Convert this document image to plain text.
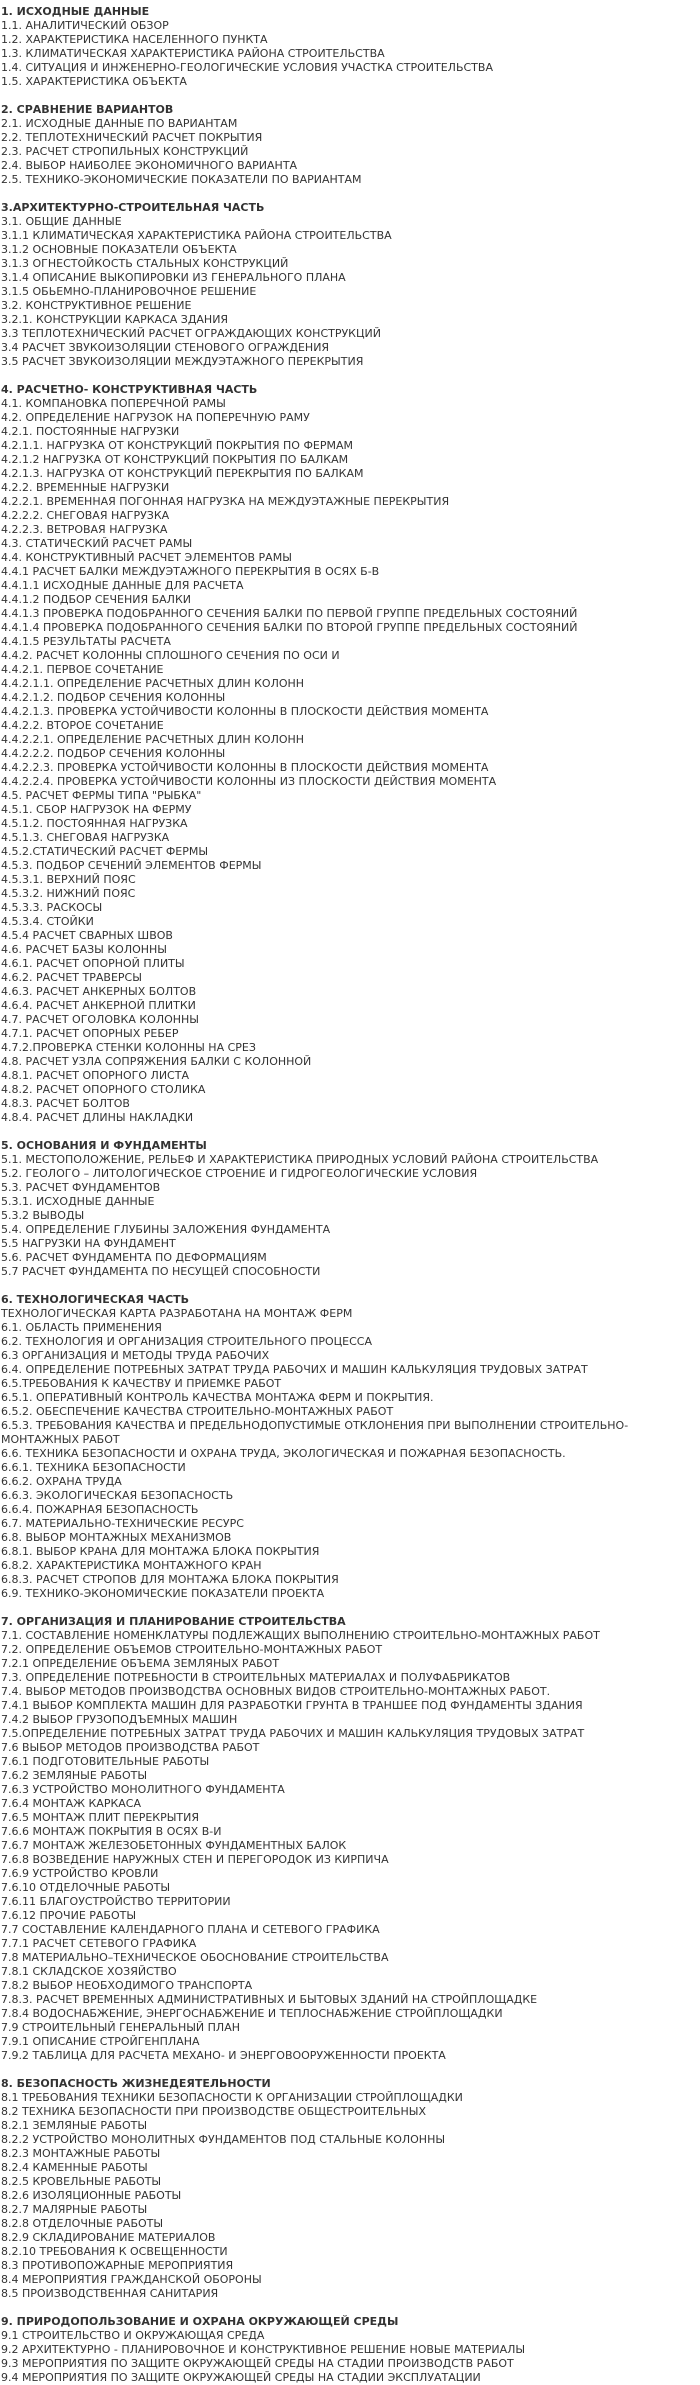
1. ИСХОДНЫЕ ДАННЫЕ
1.1. АНАЛИТИЧЕСКИЙ ОБЗОР
1.2. ХАРАКТЕРИСТИКА НАСЕЛЕННОГО ПУНКТА
1.3. КЛИМАТИЧЕСКАЯ ХАРАКТЕРИСТИКА РАЙОНА СТРОИТЕЛЬСТВА
1.4. СИТУАЦИЯ И ИНЖЕНЕРНО-ГЕОЛОГИЧЕСКИЕ УСЛОВИЯ УЧАСТКА СТРОИТЕЛЬСТВА
1.5. ХАРАКТЕРИСТИКА ОБЪЕКТА
2. СРАВНЕНИЕ ВАРИАНТОВ
2.1. ИСХОДНЫЕ ДАННЫЕ ПО ВАРИАНТАМ
2.2. ТЕПЛОТЕХНИЧЕСКИЙ РАСЧЕТ ПОКРЫТИЯ
2.3. РАСЧЕТ СТРОПИЛЬНЫХ КОНСТРУКЦИЙ
2.4. ВЫБОР НАИБОЛЕЕ ЭКОНОМИЧНОГО ВАРИАНТА
2.5. ТЕХНИКО-ЭКОНОМИЧЕСКИЕ ПОКАЗАТЕЛИ ПО ВАРИАНТАМ
3.АРХИТЕКТУРНО-СТРОИТЕЛЬНАЯ ЧАСТЬ
3.1. ОБЩИЕ ДАННЫЕ
3.1.1 КЛИМАТИЧЕСКАЯ ХАРАКТЕРИСТИКА РАЙОНА СТРОИТЕЛЬСТВА
3.1.2 ОСНОВНЫЕ ПОКАЗАТЕЛИ ОБЪЕКТА
3.1.3 ОГНЕСТОЙКОСТЬ СТАЛЬНЫХ КОНСТРУКЦИЙ
3.1.4 ОПИСАНИЕ ВЫКОПИРОВКИ ИЗ ГЕНЕРАЛЬНОГО ПЛАНА
3.1.5 ОБЬЕМНО-ПЛАНИРОВОЧНОЕ РЕШЕНИЕ
3.2. КОНСТРУКТИВНОЕ РЕШЕНИЕ
3.2.1. КОНСТРУКЦИИ КАРКАСА ЗДАНИЯ
3.3 ТЕПЛОТЕХНИЧЕСКИЙ РАСЧЕТ ОГРАЖДАЮЩИХ КОНСТРУКЦИЙ
3.4 РАСЧЕТ ЗВУКОИЗОЛЯЦИИ СТЕНОВОГО ОГРАЖДЕНИЯ
3.5 РАСЧЕТ ЗВУКОИЗОЛЯЦИИ МЕЖДУЭТАЖНОГО ПЕРЕКРЫТИЯ
4. РАСЧЕТНО- КОНСТРУКТИВНАЯ ЧАСТЬ
4.1. КОМПАНОВКА ПОПЕРЕЧНОЙ РАМЫ
4.2. ОПРЕДЕЛЕНИЕ НАГРУЗОК НА ПОПЕРЕЧНУЮ РАМУ
4.2.1. ПОСТОЯННЫЕ НАГРУЗКИ
4.2.1.1. НАГРУЗКА ОТ КОНСТРУКЦИЙ ПОКРЫТИЯ ПО ФЕРМАМ
4.2.1.2 НАГРУЗКА ОТ КОНСТРУКЦИЙ ПОКРЫТИЯ ПО БАЛКАМ
4.2.1.3. НАГРУЗКА ОТ КОНСТРУКЦИЙ ПЕРЕКРЫТИЯ ПО БАЛКАМ
4.2.2. ВРЕМЕННЫЕ НАГРУЗКИ
4.2.2.1. ВРЕМЕННАЯ ПОГОННАЯ НАГРУЗКА НА МЕЖДУЭТАЖНЫЕ ПЕРЕКРЫТИЯ
4.2.2.2. СНЕГОВАЯ НАГРУЗКА
4.2.2.3. ВЕТРОВАЯ НАГРУЗКА
4.3. СТАТИЧЕСКИЙ РАСЧЕТ РАМЫ
4.4. КОНСТРУКТИВНЫЙ РАСЧЕТ ЭЛЕМЕНТОВ РАМЫ
4.4.1 РАСЧЕТ БАЛКИ МЕЖДУЭТАЖНОГО ПЕРЕКРЫТИЯ В ОСЯХ Б-В
4.4.1.1 ИСХОДНЫЕ ДАННЫЕ ДЛЯ РАСЧЕТА
4.4.1.2 ПОДБОР СЕЧЕНИЯ БАЛКИ
4.4.1.3 ПРОВЕРКА ПОДОБРАННОГО СЕЧЕНИЯ БАЛКИ ПО ПЕРВОЙ ГРУППЕ ПРЕДЕЛЬНЫХ СОСТОЯНИЙ
4.4.1.4 ПРОВЕРКА ПОДОБРАННОГО СЕЧЕНИЯ БАЛКИ ПО ВТОРОЙ ГРУППЕ ПРЕДЕЛЬНЫХ СОСТОЯНИЙ
4.4.1.5 РЕЗУЛЬТАТЫ РАСЧЕТА
4.4.2. РАСЧЕТ КОЛОННЫ СПЛОШНОГО СЕЧЕНИЯ ПО ОСИ И
4.4.2.1. ПЕРВОЕ СОЧЕТАНИЕ
4.4.2.1.1. ОПРЕДЕЛЕНИЕ РАСЧЕТНЫХ ДЛИН КОЛОНН
4.4.2.1.2. ПОДБОР СЕЧЕНИЯ КОЛОННЫ
4.4.2.1.3. ПРОВЕРКА УСТОЙЧИВОСТИ КОЛОННЫ В ПЛОСКОСТИ ДЕЙСТВИЯ МОМЕНТА
4.4.2.2. ВТОРОЕ СОЧЕТАНИЕ
4.4.2.2.1. ОПРЕДЕЛЕНИЕ РАСЧЕТНЫХ ДЛИН КОЛОНН
4.4.2.2.2. ПОДБОР СЕЧЕНИЯ КОЛОННЫ
4.4.2.2.3. ПРОВЕРКА УСТОЙЧИВОСТИ КОЛОННЫ В ПЛОСКОСТИ ДЕЙСТВИЯ МОМЕНТА
4.4.2.2.4. ПРОВЕРКА УСТОЙЧИВОСТИ КОЛОННЫ ИЗ ПЛОСКОСТИ ДЕЙСТВИЯ МОМЕНТА
4.5. РАСЧЕТ ФЕРМЫ ТИПА "РЫБКА"
4.5.1. СБОР НАГРУЗОК НА ФЕРМУ
4.5.1.2. ПОСТОЯННАЯ НАГРУЗКА
4.5.1.3. СНЕГОВАЯ НАГРУЗКА
4.5.2.СТАТИЧЕСКИЙ РАСЧЕТ ФЕРМЫ
4.5.3. ПОДБОР СЕЧЕНИЙ ЭЛЕМЕНТОВ ФЕРМЫ
4.5.3.1. ВЕРХНИЙ ПОЯС
4.5.3.2. НИЖНИЙ ПОЯС
4.5.3.3. РАСКОСЫ
4.5.3.4. СТОЙКИ
4.5.4 РАСЧЕТ СВАРНЫХ ШВОВ
4.6. РАСЧЕТ БАЗЫ КОЛОННЫ
4.6.1. РАСЧЕТ ОПОРНОЙ ПЛИТЫ
4.6.2. РАСЧЕТ ТРАВЕРСЫ
4.6.3. РАСЧЕТ АНКЕРНЫХ БОЛТОВ
4.6.4. РАСЧЕТ АНКЕРНОЙ ПЛИТКИ
4.7. РАСЧЕТ ОГОЛОВКА КОЛОННЫ
4.7.1. РАСЧЕТ ОПОРНЫХ РЕБЕР
4.7.2.ПРОВЕРКА СТЕНКИ КОЛОННЫ НА СРЕЗ
4.8. РАСЧЕТ УЗЛА СОПРЯЖЕНИЯ БАЛКИ С КОЛОННОЙ
4.8.1. РАСЧЕТ ОПОРНОГО ЛИСТА
4.8.2. РАСЧЕТ ОПОРНОГО СТОЛИКА
4.8.3. РАСЧЕТ БОЛТОВ
4.8.4. РАСЧЕТ ДЛИНЫ НАКЛАДКИ
5. ОСНОВАНИЯ И ФУНДАМЕНТЫ
5.1. МЕСТОПОЛОЖЕНИЕ, РЕЛЬЕФ И ХАРАКТЕРИСТИКА ПРИРОДНЫХ УСЛОВИЙ РАЙОНА СТРОИТЕЛЬСТВА
5.2. ГЕОЛОГО – ЛИТОЛОГИЧЕСКОЕ СТРОЕНИЕ И ГИДРОГЕОЛОГИЧЕСКИЕ УСЛОВИЯ
5.3. РАСЧЕТ ФУНДАМЕНТОВ
5.3.1. ИСХОДНЫЕ ДАННЫЕ
5.3.2 ВЫВОДЫ
5.4. ОПРЕДЕЛЕНИЕ ГЛУБИНЫ ЗАЛОЖЕНИЯ ФУНДАМЕНТА
5.5 НАГРУЗКИ НА ФУНДАМЕНТ
5.6. РАСЧЕТ ФУНДАМЕНТА ПО ДЕФОРМАЦИЯМ
5.7 РАСЧЕТ ФУНДАМЕНТА ПО НЕСУЩЕЙ СПОСОБНОСТИ
6. ТЕХНОЛОГИЧЕСКАЯ ЧАСТЬ
ТЕХНОЛОГИЧЕСКАЯ КАРТА РАЗРАБОТАНА НА МОНТАЖ ФЕРМ
6.1. ОБЛАСТЬ ПРИМЕНЕНИЯ
6.2. ТЕХНОЛОГИЯ И ОРГАНИЗАЦИЯ СТРОИТЕЛЬНОГО ПРОЦЕССА
6.3 ОРГАНИЗАЦИЯ И МЕТОДЫ ТРУДА РАБОЧИХ
6.4. ОПРЕДЕЛЕНИЕ ПОТРЕБНЫХ ЗАТРАТ ТРУДА РАБОЧИХ И МАШИН КАЛЬКУЛЯЦИЯ ТРУДОВЫХ ЗАТРАТ
6.5.ТРЕБОВАНИЯ К КАЧЕСТВУ И ПРИЕМКЕ РАБОТ
6.5.1. ОПЕРАТИВНЫЙ КОНТРОЛЬ КАЧЕСТВА МОНТАЖА ФЕРМ И ПОКРЫТИЯ.
6.5.2. ОБЕСПЕЧЕНИЕ КАЧЕСТВА СТРОИТЕЛЬНО-МОНТАЖНЫХ РАБОТ
6.5.3. ТРЕБОВАНИЯ КАЧЕСТВА И ПРЕДЕЛЬНОДОПУСТИМЫЕ ОТКЛОНЕНИЯ ПРИ ВЫПОЛНЕНИИ СТРОИТЕЛЬНО-МОНТАЖНЫХ РАБОТ
6.6. ТЕХНИКА БЕЗОПАСНОСТИ И ОХРАНА ТРУДА, ЭКОЛОГИЧЕСКАЯ И ПОЖАРНАЯ БЕЗОПАСНОСТЬ.
6.6.1. ТЕХНИКА БЕЗОПАСНОСТИ
6.6.2. ОХРАНА ТРУДА
6.6.3. ЭКОЛОГИЧЕСКАЯ БЕЗОПАСНОСТЬ
6.6.4. ПОЖАРНАЯ БЕЗОПАСНОСТЬ
6.7. МАТЕРИАЛЬНО-ТЕХНИЧЕСКИЕ РЕСУРС
6.8. ВЫБОР МОНТАЖНЫХ МЕХАНИЗМОВ
6.8.1. ВЫБОР КРАНА ДЛЯ МОНТАЖА БЛОКА ПОКРЫТИЯ
6.8.2. ХАРАКТЕРИСТИКА МОНТАЖНОГО КРАН
6.8.3. РАСЧЕТ СТРОПОВ ДЛЯ МОНТАЖА БЛОКА ПОКРЫТИЯ
6.9. ТЕХНИКО-ЭКОНОМИЧЕСКИЕ ПОКАЗАТЕЛИ ПРОЕКТА
7. ОРГАНИЗАЦИЯ И ПЛАНИРОВАНИЕ СТРОИТЕЛЬСТВА
7.1. СОСТАВЛЕНИЕ НОМЕНКЛАТУРЫ ПОДЛЕЖАЩИХ ВЫПОЛНЕНИЮ СТРОИТЕЛЬНО-МОНТАЖНЫХ РАБОТ
7.2. ОПРЕДЕЛЕНИЕ ОБЪЕМОВ СТРОИТЕЛЬНО-МОНТАЖНЫХ РАБОТ
7.2.1 ОПРЕДЕЛЕНИЕ ОБЪЕМА ЗЕМЛЯНЫХ РАБОТ
7.3. ОПРЕДЕЛЕНИЕ ПОТРЕБНОСТИ В СТРОИТЕЛЬНЫХ МАТЕРИАЛАХ И ПОЛУФАБРИКАТОВ
7.4. ВЫБОР МЕТОДОВ ПРОИЗВОДСТВА ОСНОВНЫХ ВИДОВ СТРОИТЕЛЬНО-МОНТАЖНЫХ РАБОТ.
7.4.1 ВЫБОР КОМПЛЕКТА МАШИН ДЛЯ РАЗРАБОТКИ ГРУНТА В ТРАНШЕЕ ПОД ФУНДАМЕНТЫ ЗДАНИЯ
7.4.2 ВЫБОР ГРУЗОПОДЪЕМНЫХ МАШИН
7.5.ОПРЕДЕЛЕНИЕ ПОТРЕБНЫХ ЗАТРАТ ТРУДА РАБОЧИХ И МАШИН КАЛЬКУЛЯЦИЯ ТРУДОВЫХ ЗАТРАТ
7.6 ВЫБОР МЕТОДОВ ПРОИЗВОДСТВА РАБОТ
7.6.1 ПОДГОТОВИТЕЛЬНЫЕ РАБОТЫ
7.6.2 ЗЕМЛЯНЫЕ РАБОТЫ
7.6.3 УСТРОЙСТВО МОНОЛИТНОГО ФУНДАМЕНТА
7.6.4 МОНТАЖ КАРКАСА
7.6.5 МОНТАЖ ПЛИТ ПЕРЕКРЫТИЯ
7.6.6 МОНТАЖ ПОКРЫТИЯ В ОСЯХ В-И
7.6.7 МОНТАЖ ЖЕЛЕЗОБЕТОННЫХ ФУНДАМЕНТНЫХ БАЛОК
7.6.8 ВОЗВЕДЕНИЕ НАРУЖНЫХ СТЕН И ПЕРЕГОРОДОК ИЗ КИРПИЧА
7.6.9 УСТРОЙСТВО КРОВЛИ
7.6.10 ОТДЕЛОЧНЫЕ РАБОТЫ
7.6.11 БЛАГОУСТРОЙСТВО ТЕРРИТОРИИ
7.6.12 ПРОЧИЕ РАБОТЫ
7.7 СОСТАВЛЕНИЕ КАЛЕНДАРНОГО ПЛАНА И СЕТЕВОГО ГРАФИКА
7.7.1 РАСЧЕТ СЕТЕВОГО ГРАФИКА
7.8 МАТЕРИАЛЬНО–ТЕХНИЧЕСКОЕ ОБОСНОВАНИЕ СТРОИТЕЛЬСТВА
7.8.1 СКЛАДСКОЕ ХОЗЯЙСТВО
7.8.2 ВЫБОР НЕОБХОДИМОГО ТРАНСПОРТА
7.8.3. РАСЧЕТ ВРЕМЕННЫХ АДМИНИСТРАТИВНЫХ И БЫТОВЫХ ЗДАНИЙ НА СТРОЙПЛОЩАДКЕ
7.8.4 ВОДОСНАБЖЕНИЕ, ЭНЕРГОСНАБЖЕНИЕ И ТЕПЛОСНАБЖЕНИЕ СТРОЙПЛОЩАДКИ
7.9 СТРОИТЕЛЬНЫЙ ГЕНЕРАЛЬНЫЙ ПЛАН
7.9.1 ОПИСАНИЕ СТРОЙГЕНПЛАНА
7.9.2 ТАБЛИЦА ДЛЯ РАСЧЕТА МЕХАНО- И ЭНЕРГОВООРУЖЕННОСТИ ПРОЕКТА
8. БЕЗОПАСНОСТЬ ЖИЗНЕДЕЯТЕЛЬНОСТИ
8.1 ТРЕБОВАНИЯ ТЕХНИКИ БЕЗОПАСНОСТИ К ОРГАНИЗАЦИИ СТРОЙПЛОЩАДКИ
8.2 ТЕХНИКА БЕЗОПАСНОСТИ ПРИ ПРОИЗВОДСТВЕ ОБЩЕСТРОИТЕЛЬНЫХ
8.2.1 ЗЕМЛЯНЫЕ РАБОТЫ
8.2.2 УСТРОЙСТВО МОНОЛИТНЫХ ФУНДАМЕНТОВ ПОД СТАЛЬНЫЕ КОЛОННЫ
8.2.3 МОНТАЖНЫЕ РАБОТЫ
8.2.4 КАМЕННЫЕ РАБОТЫ
8.2.5 КРОВЕЛЬНЫЕ РАБОТЫ
8.2.6 ИЗОЛЯЦИОННЫЕ РАБОТЫ
8.2.7 МАЛЯРНЫЕ РАБОТЫ
8.2.8 ОТДЕЛОЧНЫЕ РАБОТЫ
8.2.9 СКЛАДИРОВАНИЕ МАТЕРИАЛОВ
8.2.10 ТРЕБОВАНИЯ К ОСВЕЩЕННОСТИ
8.3 ПРОТИВОПОЖАРНЫЕ МЕРОПРИЯТИЯ
8.4 МЕРОПРИЯТИЯ ГРАЖДАНСКОЙ ОБОРОНЫ
8.5 ПРОИЗВОДСТВЕННАЯ САНИТАРИЯ
9. ПРИРОДОПОЛЬЗОВАНИЕ И ОХРАНА ОКРУЖАЮЩЕЙ СРЕДЫ
9.1 СТРОИТЕЛЬСТВО И ОКРУЖАЮЩАЯ СРЕДА
9.2 АРХИТЕКТУРНО - ПЛАНИРОВОЧНОЕ И КОНСТРУКТИВНОЕ РЕШЕНИЕ НОВЫЕ МАТЕРИАЛЫ
9.3 МЕРОПРИЯТИЯ ПО ЗАЩИТЕ ОКРУЖАЮЩЕЙ СРЕДЫ НА СТАДИИ ПРОИЗВОДСТВ РАБОТ
9.4 МЕРОПРИЯТИЯ ПО ЗАЩИТЕ ОКРУЖАЮЩЕЙ СРЕДЫ НА СТАДИИ ЭКСПЛУАТАЦИИ
